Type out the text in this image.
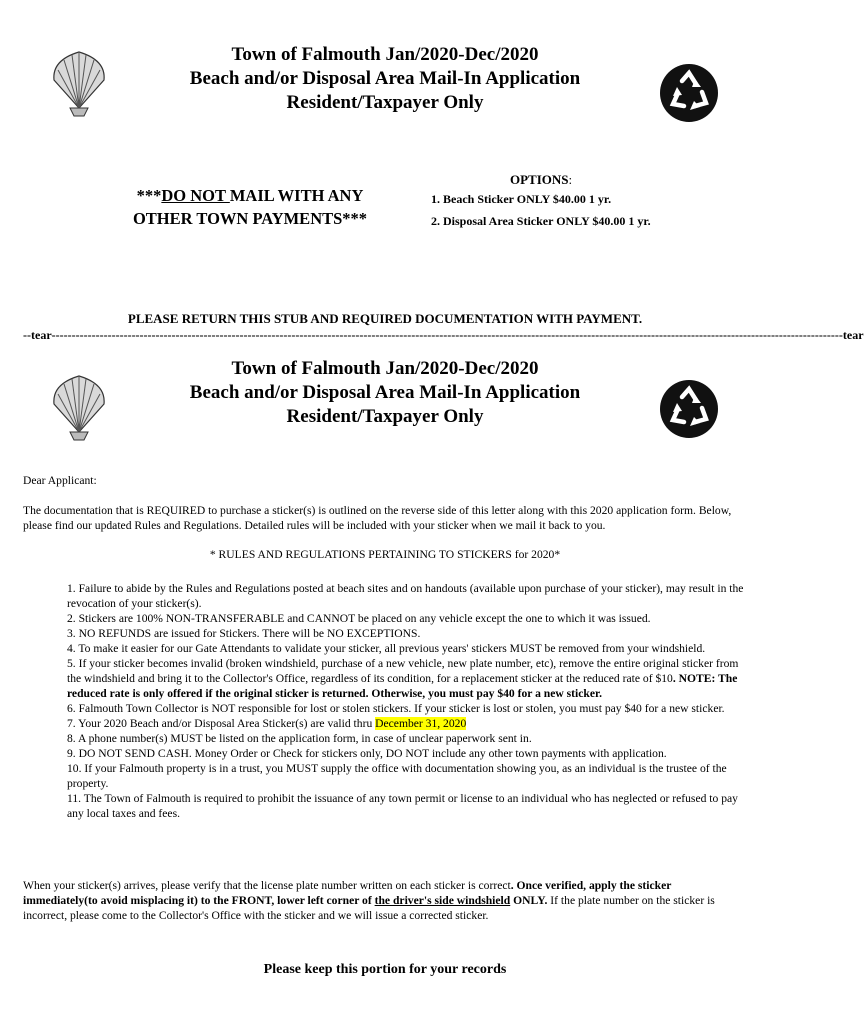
Town of Falmouth Jan/2020-Dec/2020
Beach and/or Disposal Area Mail-In Application
Resident/Taxpayer Only
***DO NOT MAIL WITH ANY
OTHER TOWN PAYMENTS***
OPTIONS:
1. Beach Sticker ONLY $40.00 1 yr.
2. Disposal Area Sticker ONLY $40.00 1 yr.
PLEASE RETURN THIS STUB AND REQUIRED DOCUMENTATION WITH PAYMENT.
--tear ------------------------------------------------------------------------------------------------------------------------------------------------------------------------------------------------------ tear
Town of Falmouth Jan/2020-Dec/2020
Beach and/or Disposal Area Mail-In Application
Resident/Taxpayer Only
Dear Applicant:
The documentation that is REQUIRED to purchase a sticker(s) is outlined on the reverse side of this letter along with this 2020 application form. Below, please find our updated Rules and Regulations. Detailed rules will be included with your sticker when we mail it back to you.
* RULES AND REGULATIONS PERTAINING TO STICKERS for 2020*

1. Failure to abide by the Rules and Regulations posted at beach sites and on handouts (available upon purchase of your sticker), may result in the revocation of your sticker(s).

2. Stickers are 100% NON-TRANSFERABLE and CANNOT be placed on any vehicle except the one to which it was issued.

3. NO REFUNDS are issued for Stickers. There will be NO EXCEPTIONS.

4. To make it easier for our Gate Attendants to validate your sticker, all previous years' stickers MUST be removed from your windshield.

5. If your sticker becomes invalid (broken windshield, purchase of a new vehicle, new plate number, etc), remove the entire original sticker from the windshield and bring it to the Collector's Office, regardless of its condition, for a replacement sticker at the reduced rate of $10. NOTE: The reduced rate is only offered if the original sticker is returned. Otherwise, you must pay $40 for a new sticker.

6. Falmouth Town Collector is NOT responsible for lost or stolen stickers. If your sticker is lost or stolen, you must pay $40 for a new sticker.

7. Your 2020 Beach and/or Disposal Area Sticker(s) are valid thru December 31, 2020

8. A phone number(s) MUST be listed on the application form, in case of unclear paperwork sent in.

9. DO NOT SEND CASH. Money Order or Check for stickers only, DO NOT include any other town payments with application.

10. If your Falmouth property is in a trust, you MUST supply the office with documentation showing you, as an individual is the trustee of the property.

11. The Town of Falmouth is required to prohibit the issuance of any town permit or license to an individual who has neglected or refused to pay any local taxes and fees.

When your sticker(s) arrives, please verify that the license plate number written on each sticker is correct. Once verified, apply the sticker immediately(to avoid misplacing it) to the FRONT, lower left corner of the driver's side windshield ONLY. If the plate number on the sticker is incorrect, please come to the Collector's Office with the sticker and we will issue a corrected sticker.
Please keep this portion for your records
